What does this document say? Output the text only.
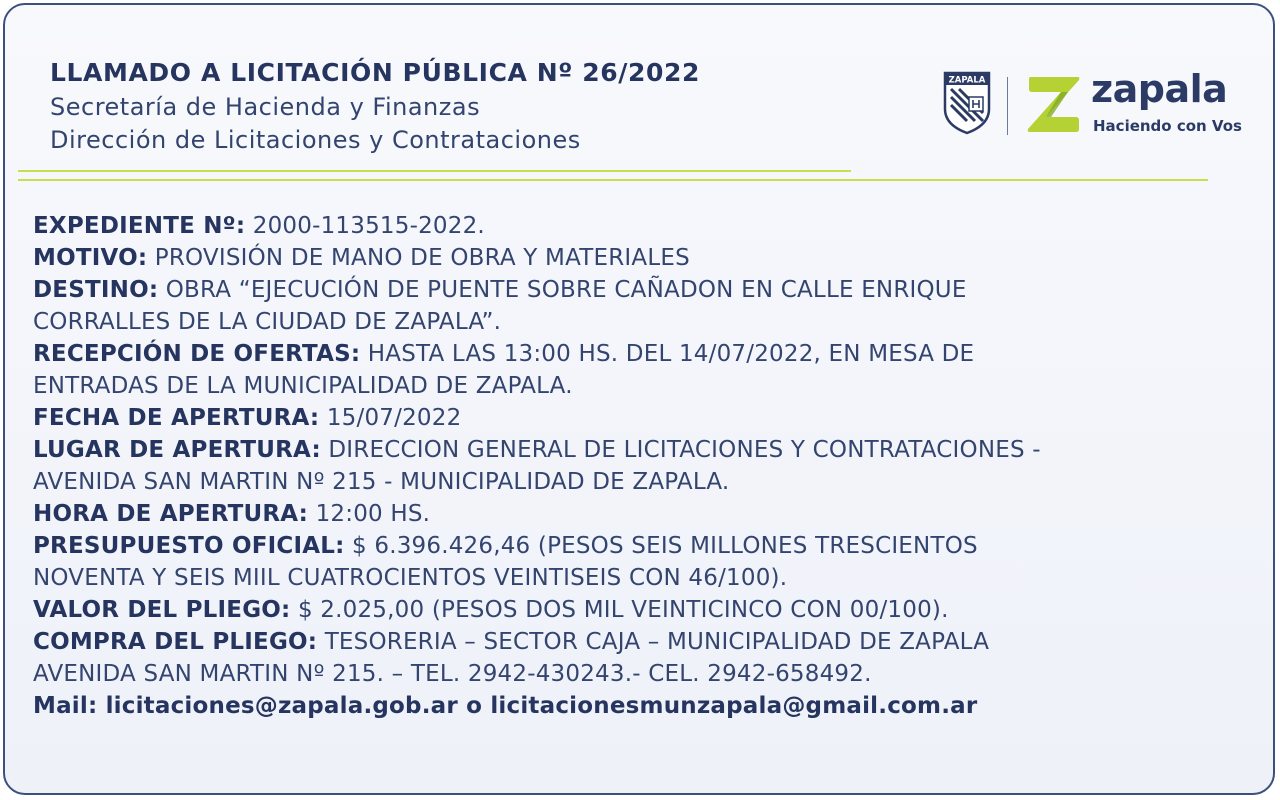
LLAMADO A LICITACIÓN PÚBLICA Nº 26/2022
Secretaría de Hacienda y Finanzas
Dirección de Licitaciones y Contrataciones
ZAPALA	zapala
Haciendo con Vos

EXPEDIENTE Nº: 2000-113515-2022.

MOTIVO: PROVISIÓN DE MANO DE OBRA Y MATERIALES

DESTINO: OBRA “EJECUCIÓN DE PUENTE SOBRE CAÑADON EN CALLE ENRIQUE

CORRALLES DE LA CIUDAD DE ZAPALA”.

RECEPCIÓN DE OFERTAS: HASTA LAS 13:00 HS. DEL 14/07/2022, EN MESA DE

ENTRADAS DE LA MUNICIPALIDAD DE ZAPALA.

FECHA DE APERTURA: 15/07/2022

LUGAR DE APERTURA: DIRECCION GENERAL DE LICITACIONES Y CONTRATACIONES -

AVENIDA SAN MARTIN Nº 215 - MUNICIPALIDAD DE ZAPALA.

HORA DE APERTURA: 12:00 HS.

PRESUPUESTO OFICIAL: $ 6.396.426,46 (PESOS SEIS MILLONES TRESCIENTOS

NOVENTA Y SEIS MIIL CUATROCIENTOS VEINTISEIS CON 46/100).

VALOR DEL PLIEGO: $ 2.025,00 (PESOS DOS MIL VEINTICINCO CON 00/100).

COMPRA DEL PLIEGO: TESORERIA – SECTOR CAJA – MUNICIPALIDAD DE ZAPALA

AVENIDA SAN MARTIN Nº 215. – TEL. 2942-430243.- CEL. 2942-658492.

Mail: licitaciones@zapala.gob.ar o licitacionesmunzapala@gmail.com.ar
